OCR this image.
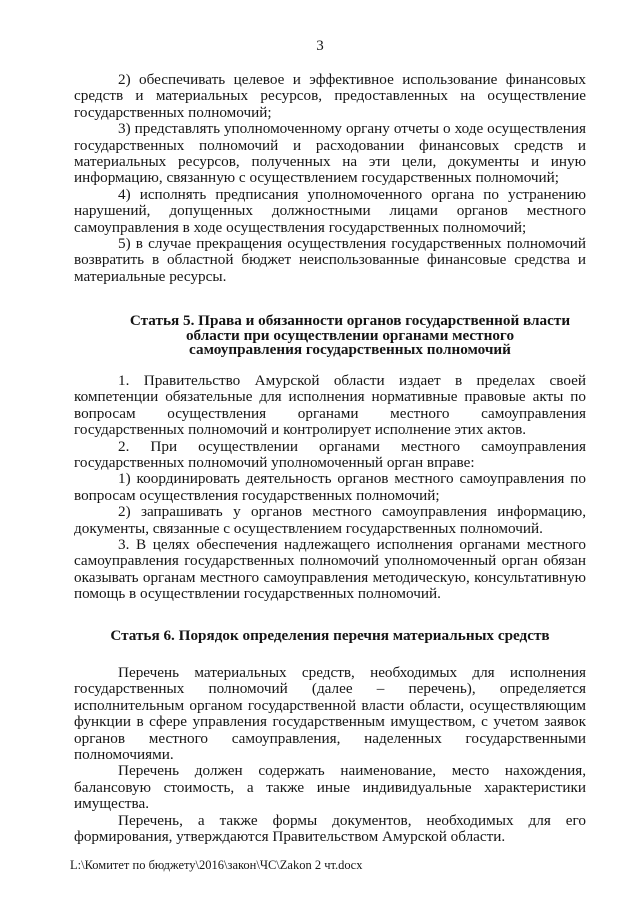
3

2) обеспечивать целевое и эффективное использование финансовых средств и материальных ресурсов, предоставленных на осуществление государственных полномочий;

3) представлять уполномоченному органу отчеты о ходе осуществления государственных полномочий и расходовании финансовых средств и материальных ресурсов, полученных на эти цели, документы и иную информацию, связанную с осуществлением государственных полномочий;

4) исполнять предписания уполномоченного органа по устранению нарушений, допущенных должностными лицами органов местного самоуправления в ходе осуществления государственных полномочий;

5) в случае прекращения осуществления государственных полномочий возвратить в областной бюджет неиспользованные финансовые средства и материальные ресурсы.

Статья 5. Права и обязанности органов государственной власти
области при осуществлении органами местного
самоуправления государственных полномочий

1. Правительство Амурской области издает в пределах своей компетенции обязательные для исполнения нормативные правовые акты по вопросам осуществления органами местного самоуправления государственных полномочий и контролирует исполнение этих актов.

2. При осуществлении органами местного самоуправления государственных полномочий уполномоченный орган вправе:

1) координировать деятельность органов местного самоуправления по вопросам осуществления государственных полномочий;

2) запрашивать у органов местного самоуправления информацию, документы, связанные с осуществлением государственных полномочий.

3. В целях обеспечения надлежащего исполнения органами местного самоуправления государственных полномочий уполномоченный орган обязан оказывать органам местного самоуправления методическую, консультативную помощь в осуществлении государственных полномочий.

Статья 6. Порядок определения перечня материальных средств

Перечень материальных средств, необходимых для исполнения государственных полномочий (далее – перечень), определяется исполнительным органом государственной власти области, осуществляющим функции в сфере управления государственным имуществом, с учетом заявок органов местного самоуправления, наделенных государственными полномочиями.

Перечень должен содержать наименование, место нахождения, балансовую стоимость, а также иные индивидуальные характеристики имущества.

Перечень, а также формы документов, необходимых для его формирования, утверждаются Правительством Амурской области.

L:\Комитет по бюджету\2016\закон\ЧС\Zakon 2 чт.docx
